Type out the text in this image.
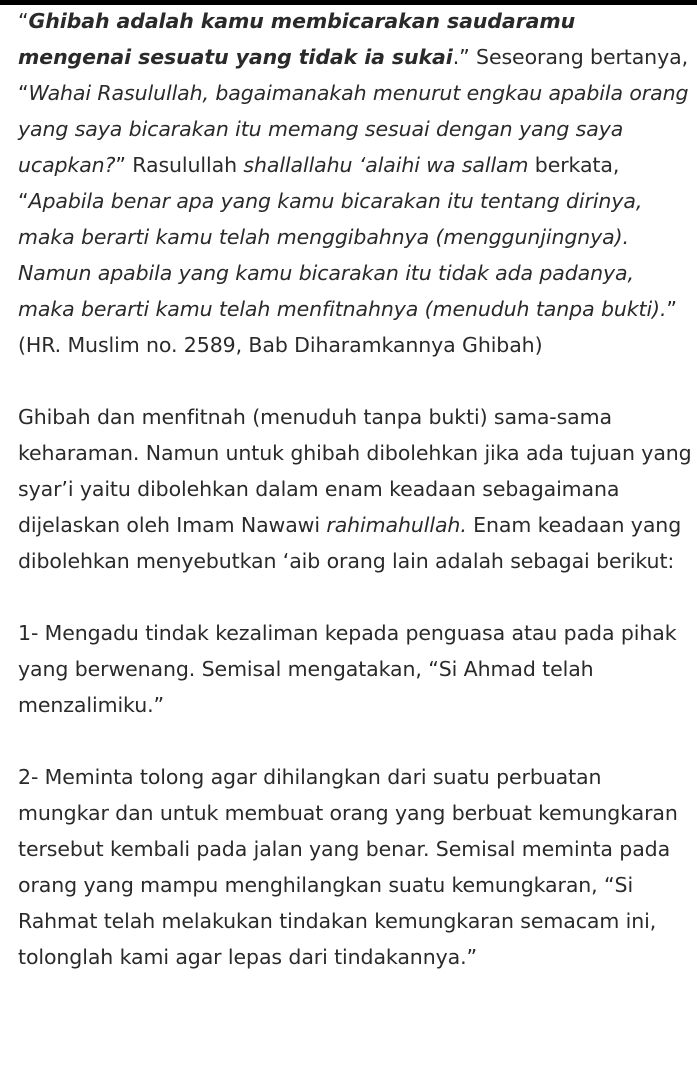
“Ghibah adalah kamu membicarakan saudaramu mengenai sesuatu yang tidak ia sukai.” Seseorang bertanya, “Wahai Rasulullah, bagaimanakah menurut engkau apabila orang yang saya bicarakan itu memang sesuai dengan yang saya ucapkan?” Rasulullah shallallahu ‘alaihi wa sallam berkata, “Apabila benar apa yang kamu bicarakan itu tentang dirinya, maka berarti kamu telah menggibahnya (menggunjingnya). Namun apabila yang kamu bicarakan itu tidak ada padanya, maka berarti kamu telah menfitnahnya (menuduh tanpa bukti).” (HR. Muslim no. 2589, Bab Diharamkannya Ghibah)

Ghibah dan menfitnah (menuduh tanpa bukti) sama-sama keharaman. Namun untuk ghibah dibolehkan jika ada tujuan yang syar’i yaitu dibolehkan dalam enam keadaan sebagaimana dijelaskan oleh Imam Nawawi rahimahullah. Enam keadaan yang dibolehkan menyebutkan ‘aib orang lain adalah sebagai berikut:

1- Mengadu tindak kezaliman kepada penguasa atau pada pihak yang berwenang. Semisal mengatakan, “Si Ahmad telah menzalimiku.”

2- Meminta tolong agar dihilangkan dari suatu perbuatan mungkar dan untuk membuat orang yang berbuat kemungkaran tersebut kembali pada jalan yang benar. Semisal meminta pada orang yang mampu menghilangkan suatu kemungkaran, “Si Rahmat telah melakukan tindakan kemungkaran semacam ini, tolonglah kami agar lepas dari tindakannya.”
